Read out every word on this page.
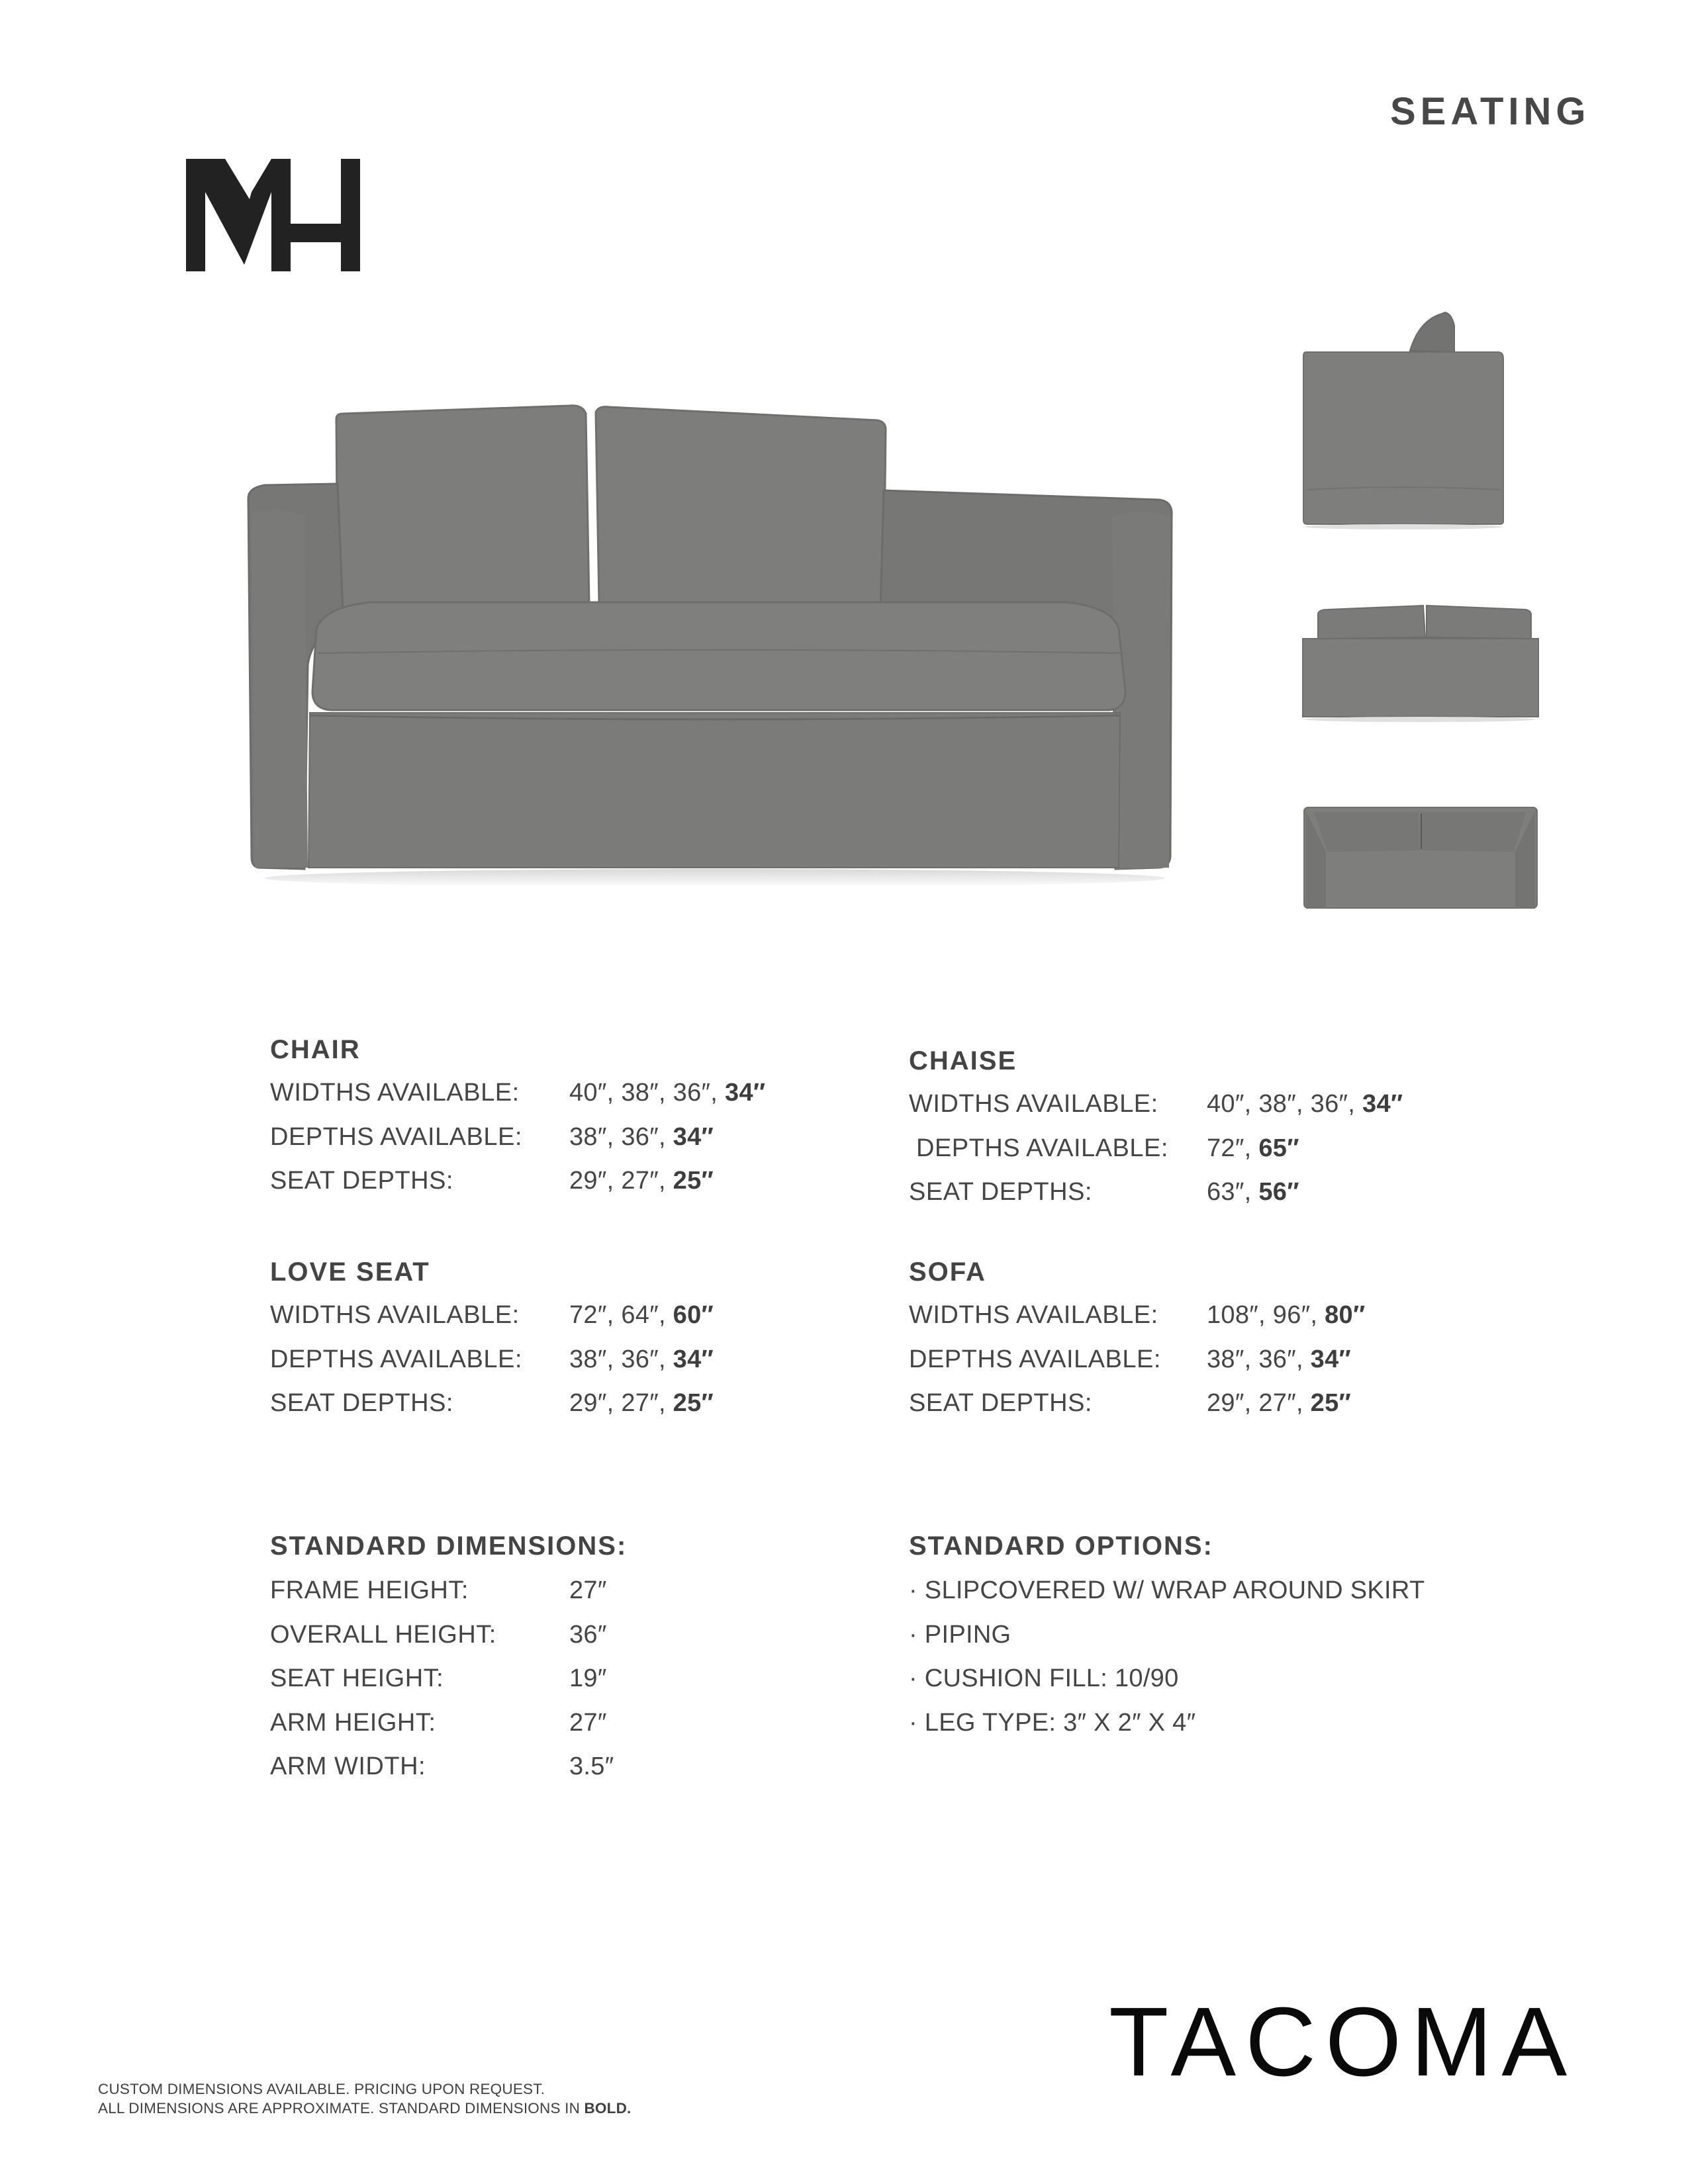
SEATING
CHAIR
WIDTHS AVAILABLE: 40″, 38″, 36″, 34″
DEPTHS AVAILABLE: 38″, 36″, 34″
SEAT DEPTHS:	29″, 27″, 25″
CHAISE
WIDTHS AVAILABLE: 40″, 38″, 36″, 34″
DEPTHS AVAILABLE: 72″, 65″
SEAT DEPTHS:	63″, 56″
LOVE SEAT
WIDTHS AVAILABLE: 72″, 64″, 60″
DEPTHS AVAILABLE: 38″, 36″, 34″
SEAT DEPTHS:	29″, 27″, 25″
SOFA
WIDTHS AVAILABLE: 108″, 96″, 80″
DEPTHS AVAILABLE: 38″, 36″, 34″
SEAT DEPTHS:	29″, 27″, 25″
STANDARD DIMENSIONS:
FRAME HEIGHT:	27″
OVERALL HEIGHT:	36″
SEAT HEIGHT:	19″
ARM HEIGHT:	27″
ARM WIDTH:	3.5″
STANDARD OPTIONS:
· SLIPCOVERED W/ WRAP AROUND SKIRT
· PIPING
· CUSHION FILL: 10/90
· LEG TYPE: 3″ X 2″ X 4″
TACOMA
CUSTOM DIMENSIONS AVAILABLE. PRICING UPON REQUEST.
ALL DIMENSIONS ARE APPROXIMATE. STANDARD DIMENSIONS IN BOLD.
